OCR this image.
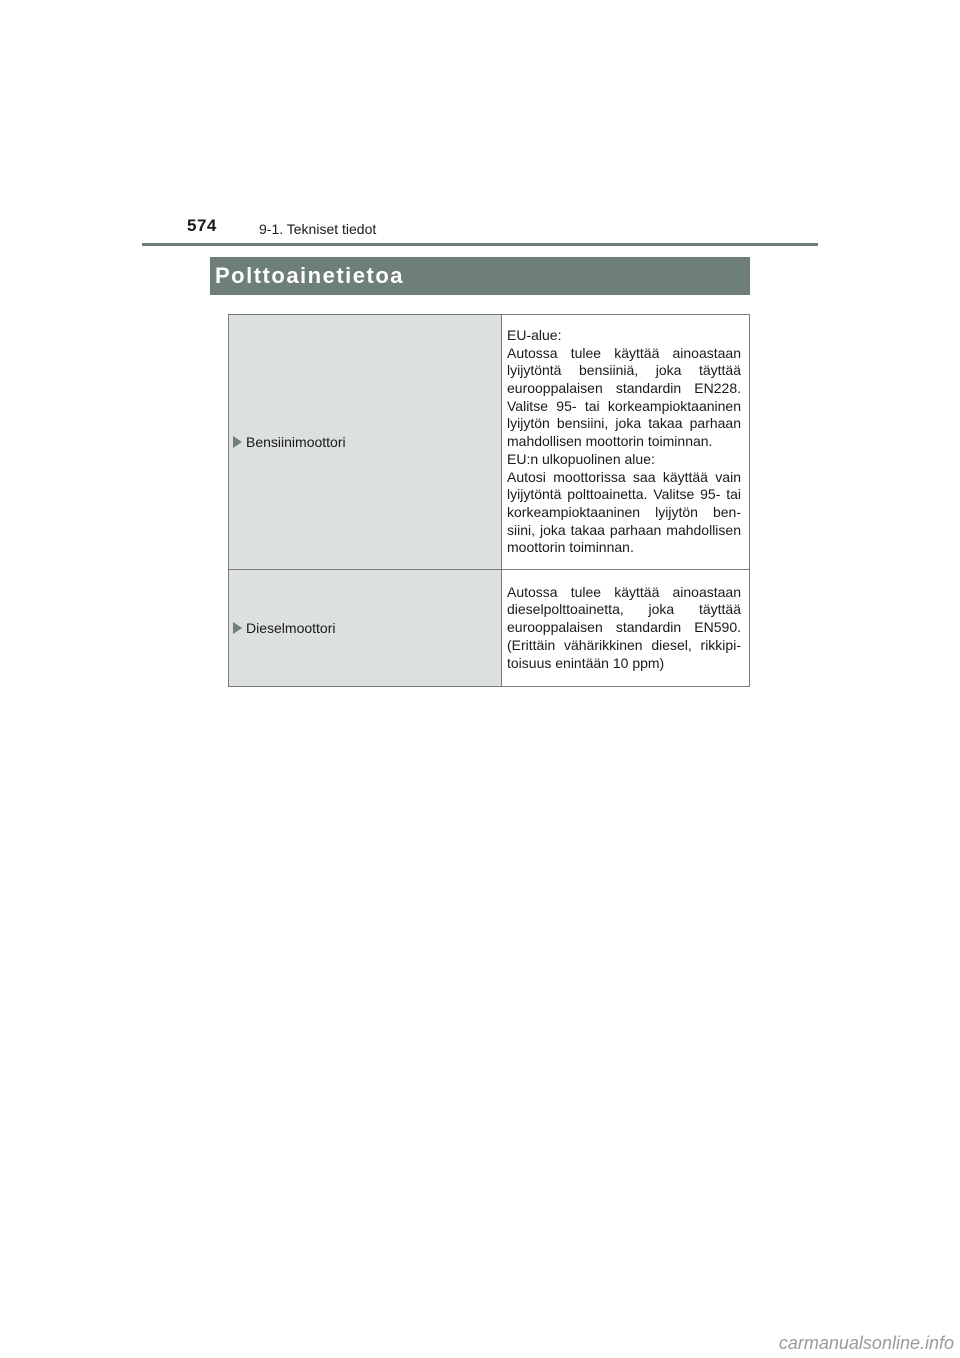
574	9-1. Tekniset tiedot
Polttoainetietoa
Bensiinimoottori	EU-alue:
Autossa tulee käyttää ainoastaan lyijytöntä bensiiniä, joka täyttää eurooppalaisen standardin EN228. Valitse 95- tai korkeampioktaaninen lyijytön bensiini, joka takaa parhaan mahdollisen moottorin toiminnan.
EU:n ulkopuolinen alue:
Autosi moottorissa saa käyttää vain lyijytöntä polttoainetta. Valitse 95- tai korkeampioktaaninen lyijytön bensiini, joka takaa parhaan mahdollisen moottorin toiminnan.

Dieselmoottori	Autossa tulee käyttää ainoastaan dieselpolttoainetta, joka täyttää eurooppalaisen standardin EN590. (Erittäin vähärikkinen diesel, rikkipitoisuus enintään 10 ppm)
carmanualsonline.info
